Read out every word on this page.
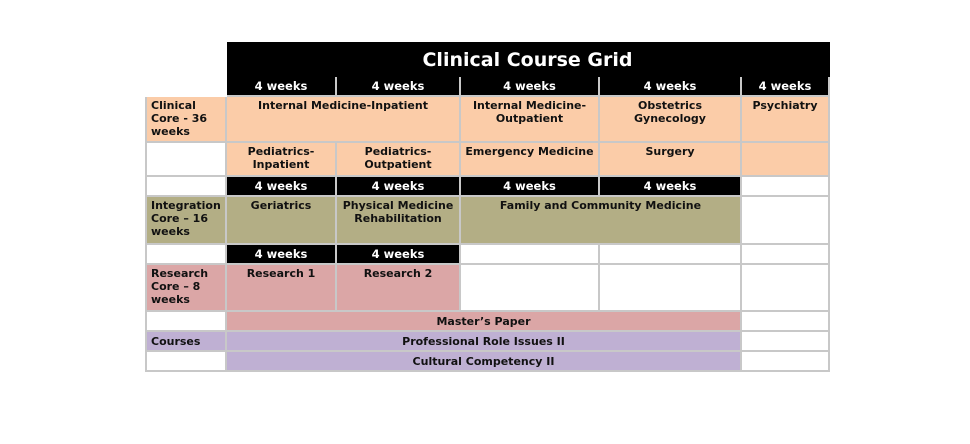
	Clinical Course Grid				
	4 weeks	4 weeks	4 weeks	4 weeks	4 weeks
Clinical Core - 36 weeks	Internal Medicine-Inpatient		Internal Medicine-Outpatient	Obstetrics Gynecology	Psychiatry
	Pediatrics-Inpatient	Pediatrics-Outpatient	Emergency Medicine	Surgery	
	4 weeks	4 weeks	4 weeks	4 weeks	
Integration Core – 16 weeks	Geriatrics	Physical Medicine Rehabilitation	Family and Community Medicine		
	4 weeks	4 weeks			
Research Core – 8 weeks	Research 1	Research 2			
	Master’s Paper				
Courses	Professional Role Issues II				
	Cultural Competency II				
